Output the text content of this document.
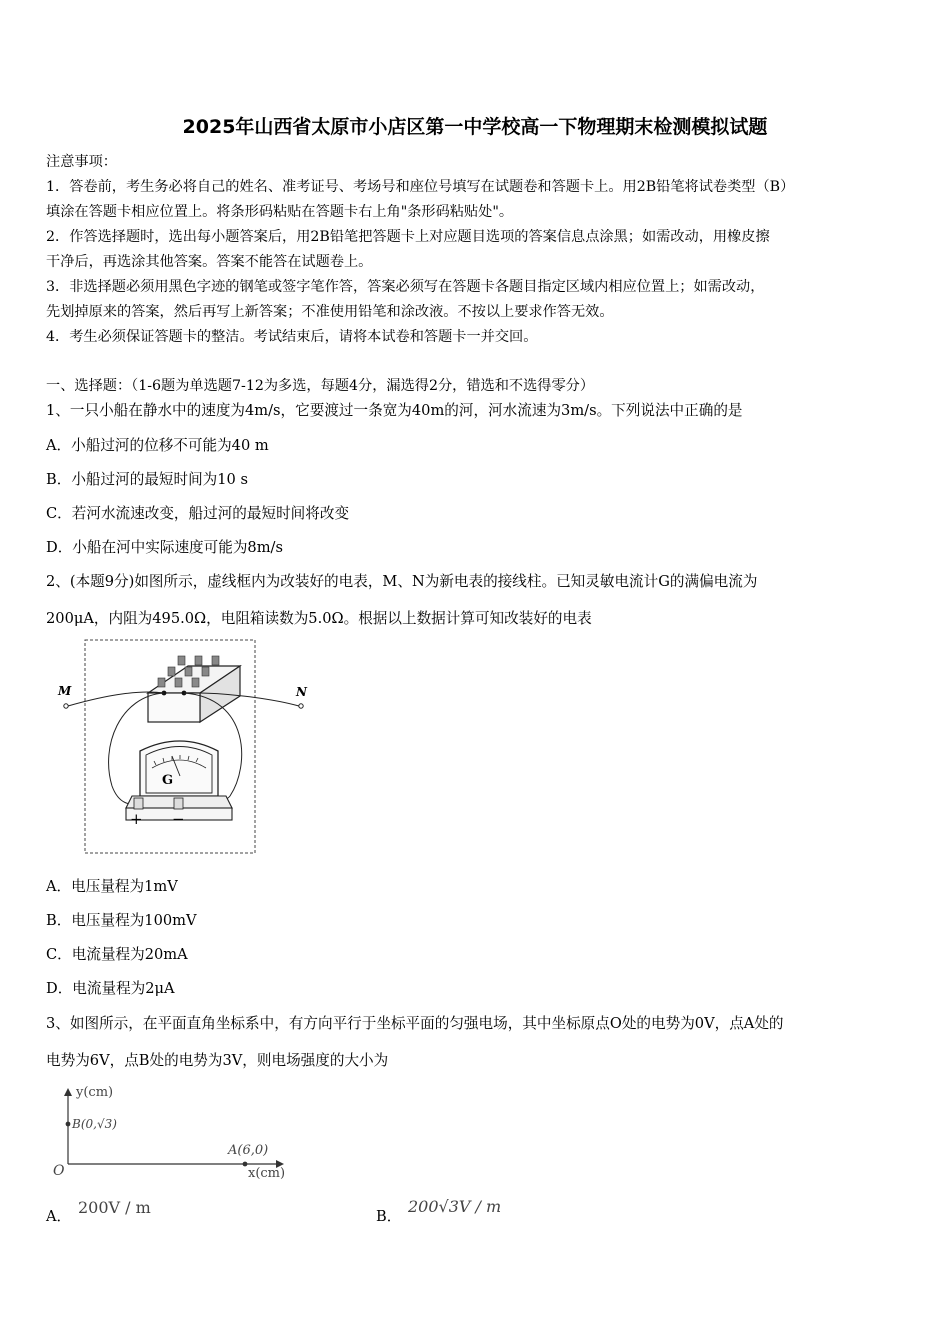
2025年山西省太原市小店区第一中学校高一下物理期末检测模拟试题
注意事项：
1．答卷前，考生务必将自己的姓名、准考证号、考场号和座位号填写在试题卷和答题卡上。用2B铅笔将试卷类型（B）
填涂在答题卡相应位置上。将条形码粘贴在答题卡右上角"条形码粘贴处"。
2．作答选择题时，选出每小题答案后，用2B铅笔把答题卡上对应题目选项的答案信息点涂黑；如需改动，用橡皮擦
干净后，再选涂其他答案。答案不能答在试题卷上。
3．非选择题必须用黑色字迹的钢笔或签字笔作答，答案必须写在答题卡各题目指定区域内相应位置上；如需改动，
先划掉原来的答案，然后再写上新答案；不准使用铅笔和涂改液。不按以上要求作答无效。
4．考生必须保证答题卡的整洁。考试结束后，请将本试卷和答题卡一并交回。
一、选择题：（1-6题为单选题7-12为多选，每题4分，漏选得2分，错选和不选得零分）
1、一只小船在静水中的速度为4m/s，它要渡过一条宽为40m的河，河水流速为3m/s。下列说法中正确的是
A．小船过河的位移不可能为40 m
B．小船过河的最短时间为10 s
C．若河水流速改变，船过河的最短时间将改变
D．小船在河中实际速度可能为8m/s
2、(本题9分)如图所示，虚线框内为改装好的电表，M、N为新电表的接线柱。已知灵敏电流计G的满偏电流为
200μA，内阻为495.0Ω，电阻箱读数为5.0Ω。根据以上数据计算可知改装好的电表
G
+ −
M	N
A．电压量程为1mV
B．电压量程为100mV
C．电流量程为20mA
D．电流量程为2μA
3、如图所示，在平面直角坐标系中，有方向平行于坐标平面的匀强电场，其中坐标原点O处的电势为0V，点A处的
电势为6V，点B处的电势为3V，则电场强度的大小为
y(cm)
B(0,√3)
A(6,0)
O	x(cm)
A． 200V / m	B．
200√3V / m
